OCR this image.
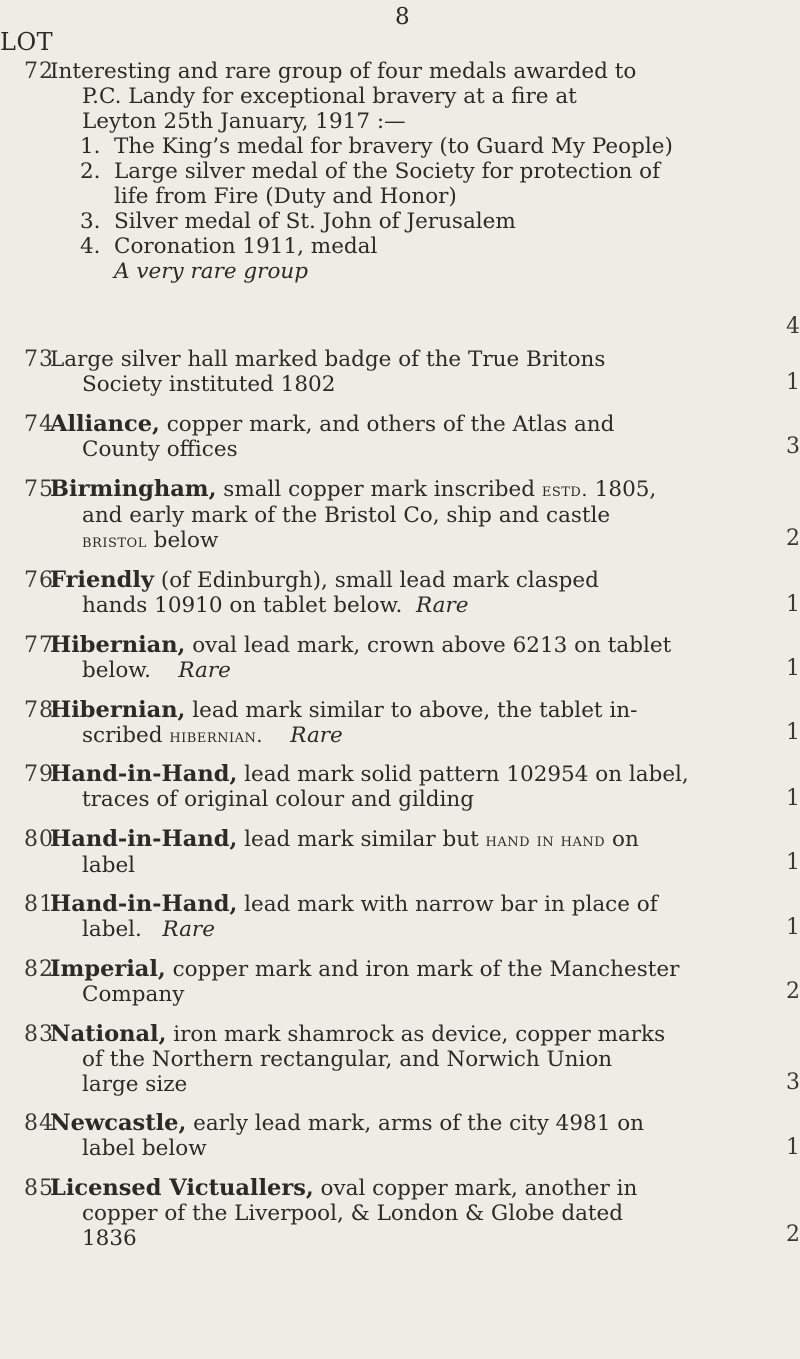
8
LOT
72

Interesting and rare group of four medals awarded to

P.C. Landy for exceptional bravery at a fire at

Leyton 25th January, 1917 :—

1. The King’s medal for bravery (to Guard My People)
2. Large silver medal of the Society for protection of
life from Fire (Duty and Honor)
3. Silver medal of St. John of Jerusalem
4. Coronation 1911, medal

A very rare group

4
73

Large silver hall marked badge of the True Britons

Society instituted 1802	1
74

Alliance, copper mark, and others of the Atlas and

County offices	3
75

Birmingham, small copper mark inscribed estd. 1805,

and early mark of the Bristol Co, ship and castle

bristol below	2
76

Friendly (of Edinburgh), small lead mark clasped

hands 10910 on tablet below. Rare	1
77

Hibernian, oval lead mark, crown above 6213 on tablet

below. Rare	1
78

Hibernian, lead mark similar to above, the tablet in-

scribed hibernian. Rare	1
79

Hand-in-Hand, lead mark solid pattern 102954 on label,

traces of original colour and gilding	1
80

Hand-in-Hand, lead mark similar but hand in hand on

label	1
81

Hand-in-Hand, lead mark with narrow bar in place of

label. Rare	1
82

Imperial, copper mark and iron mark of the Manchester

Company	2
83

National, iron mark shamrock as device, copper marks

of the Northern rectangular, and Norwich Union

large size	3
84

Newcastle, early lead mark, arms of the city 4981 on

label below	1
85

Licensed Victuallers, oval copper mark, another in

copper of the Liverpool, & London & Globe dated

1836	2
